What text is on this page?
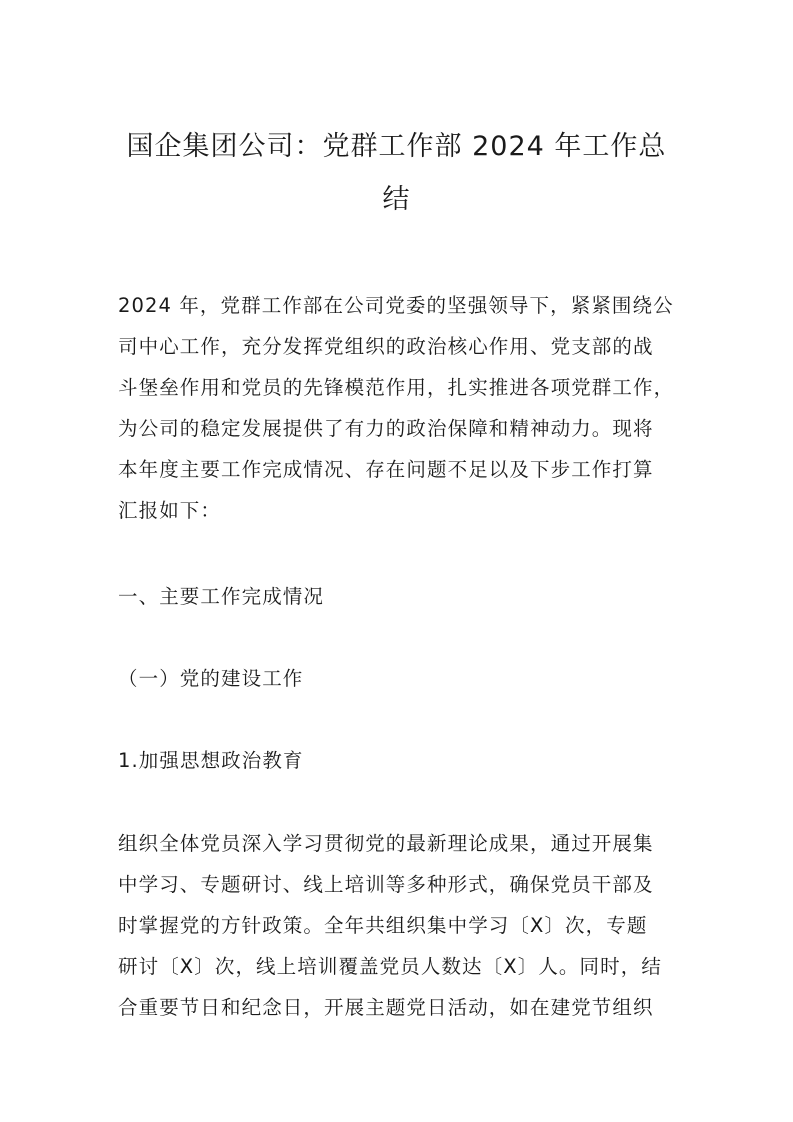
国企集团公司：党群工作部 2024 年工作总
结
2024 年，党群工作部在公司党委的坚强领导下，紧紧围绕公
司中心工作，充分发挥党组织的政治核心作用、党支部的战
斗堡垒作用和党员的先锋模范作用，扎实推进各项党群工作，
为公司的稳定发展提供了有力的政治保障和精神动力。现将
本年度主要工作完成情况、存在问题不足以及下步工作打算
汇报如下：
一、主要工作完成情况
（一）党的建设工作
1.加强思想政治教育
组织全体党员深入学习贯彻党的最新理论成果，通过开展集
中学习、专题研讨、线上培训等多种形式，确保党员干部及
时掌握党的方针政策。全年共组织集中学习〔X〕次，专题
研讨〔X〕次，线上培训覆盖党员人数达〔X〕人。同时，结
合重要节日和纪念日，开展主题党日活动，如在建党节组织
